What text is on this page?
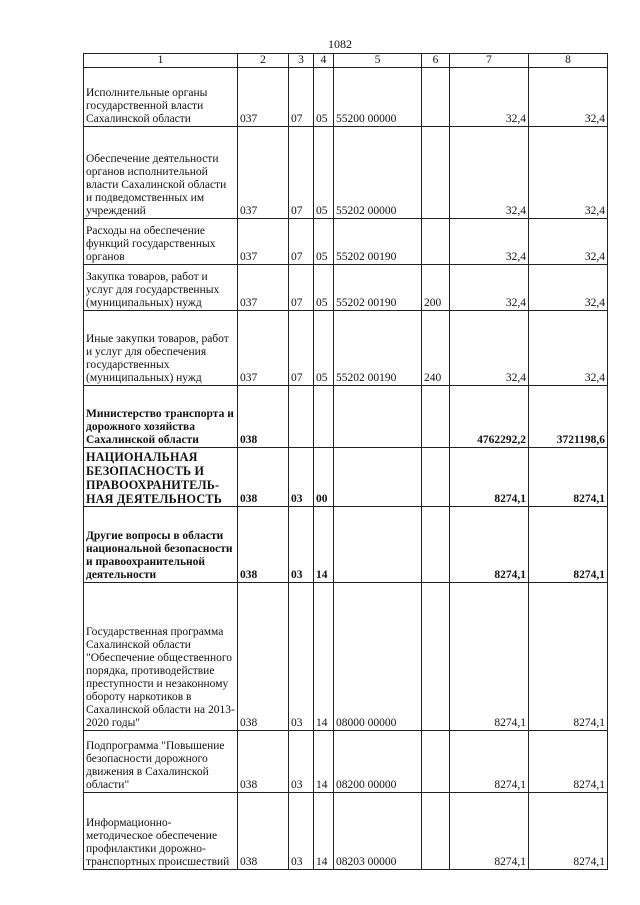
1082
1	2	3	4	5	6	7	8
Исполнительные органы государственной власти Сахалинской области	037	07	05	55200 00000		32,4	32,4
Обеспечение деятельности органов исполнительной власти Сахалинской области и подведомственных им учреждений	037	07	05	55202 00000		32,4	32,4
Расходы на обеспечение функций государственных органов	037	07	05	55202 00190		32,4	32,4
Закупка товаров, работ и услуг для государственных (муниципальных) нужд	037	07	05	55202 00190	200	32,4	32,4
Иные закупки товаров, работ и услуг для обеспечения государственных (муниципальных) нужд	037	07	05	55202 00190	240	32,4	32,4
Министерство транспорта и дорожного хозяйства Сахалинской области	038					4762292,2	3721198,6
НАЦИОНАЛЬНАЯ БЕЗОПАСНОСТЬ И ПРАВООХРАНИТЕЛЬ-НАЯ ДЕЯТЕЛЬНОСТЬ	038	03	00			8274,1	8274,1
Другие вопросы в области национальной безопасности и правоохранительной деятельности	038	03	14			8274,1	8274,1
Государственная программа Сахалинской области "Обеспечение общественного порядка, противодействие преступности и незаконному обороту наркотиков в Сахалинской области на 2013-2020 годы"	038	03	14	08000 00000		8274,1	8274,1
Подпрограмма "Повышение безопасности дорожного движения в Сахалинской области"	038	03	14	08200 00000		8274,1	8274,1
Информационно-методическое обеспечение профилактики дорожно-транспортных происшествий	038	03	14	08203 00000		8274,1	8274,1
